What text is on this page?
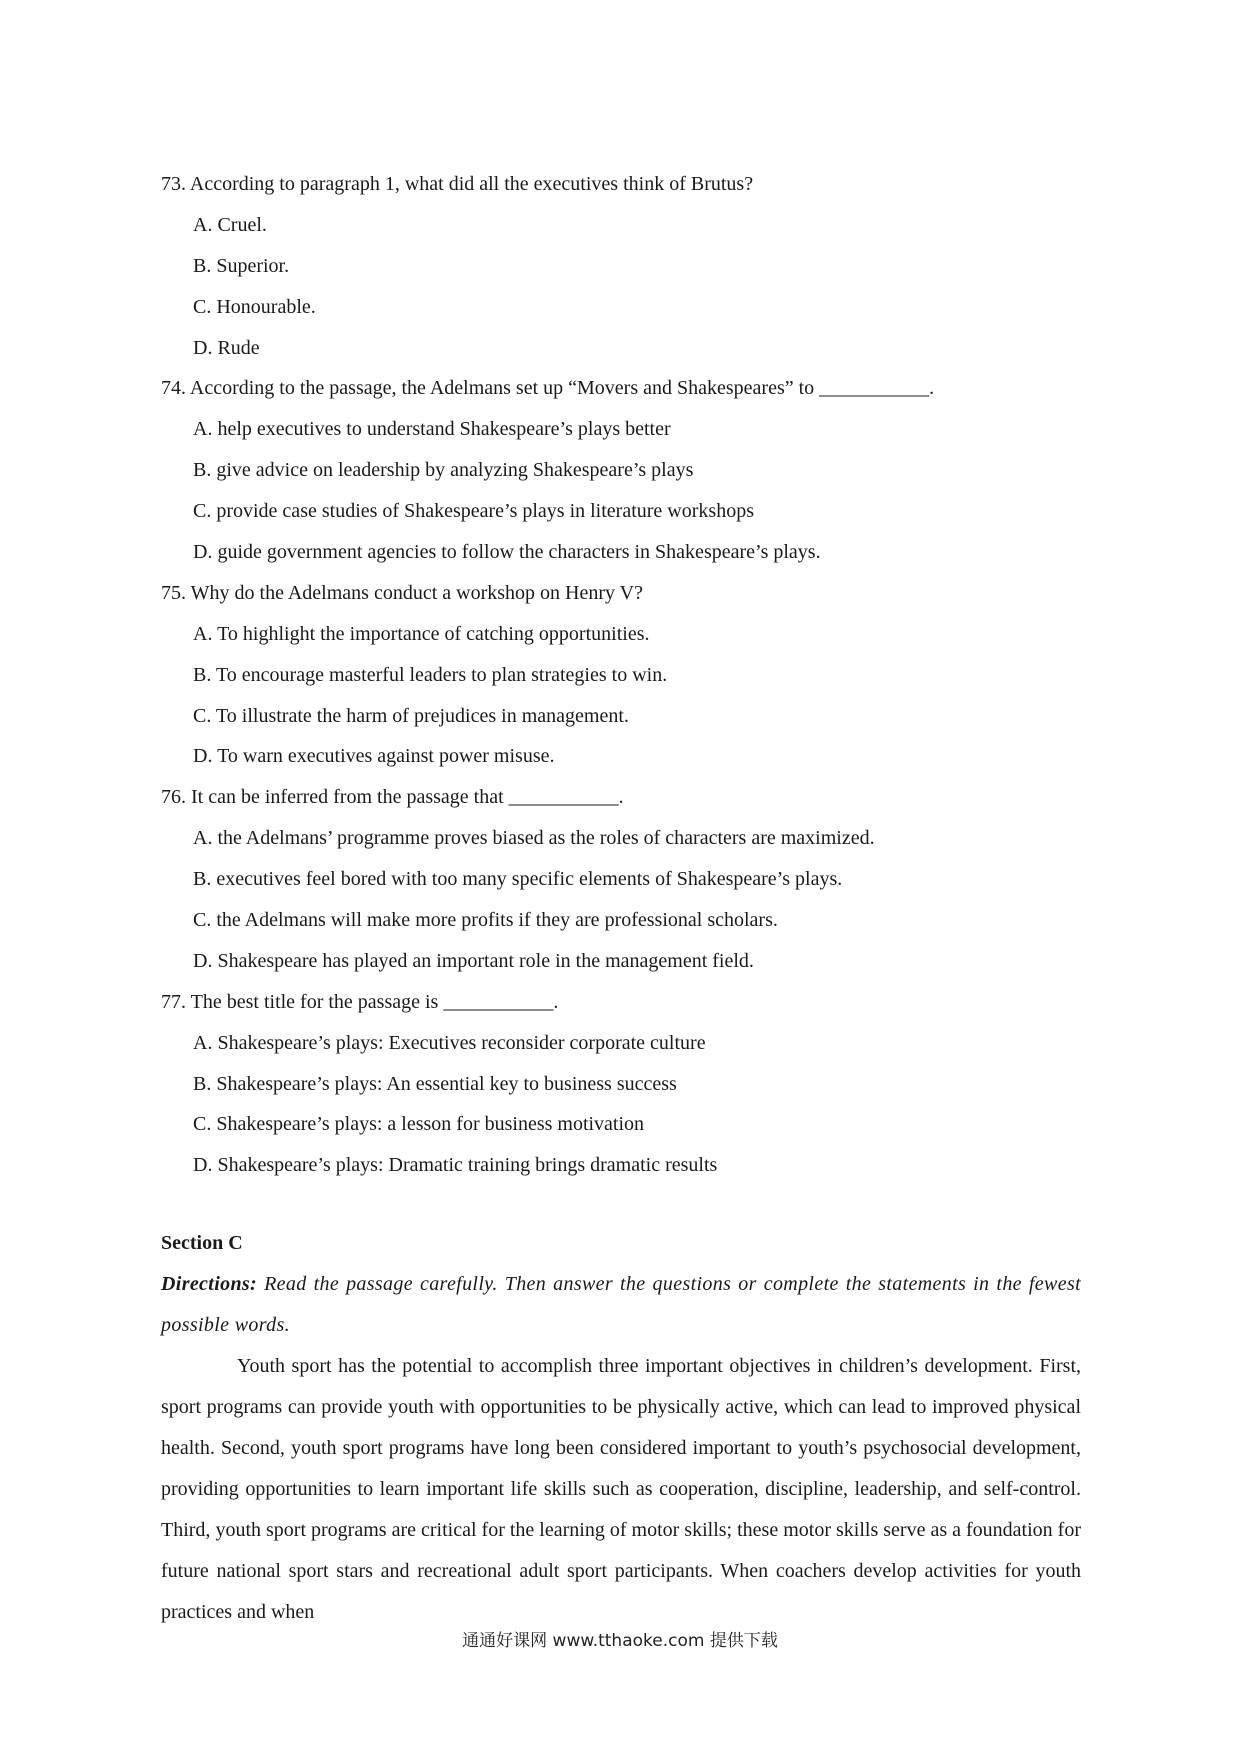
73. According to paragraph 1, what did all the executives think of Brutus?
A. Cruel.
B. Superior.
C. Honourable.
D. Rude
74. According to the passage, the Adelmans set up “Movers and Shakespeares” to ___________.
A. help executives to understand Shakespeare’s plays better
B. give advice on leadership by analyzing Shakespeare’s plays
C. provide case studies of Shakespeare’s plays in literature workshops
D. guide government agencies to follow the characters in Shakespeare’s plays.
75. Why do the Adelmans conduct a workshop on Henry V?
A. To highlight the importance of catching opportunities.
B. To encourage masterful leaders to plan strategies to win.
C. To illustrate the harm of prejudices in management.
D. To warn executives against power misuse.
76. It can be inferred from the passage that ___________.
A. the Adelmans’ programme proves biased as the roles of characters are maximized.
B. executives feel bored with too many specific elements of Shakespeare’s plays.
C. the Adelmans will make more profits if they are professional scholars.
D. Shakespeare has played an important role in the management field.
77. The best title for the passage is ___________.
A. Shakespeare’s plays: Executives reconsider corporate culture
B. Shakespeare’s plays: An essential key to business success
C. Shakespeare’s plays: a lesson for business motivation
D. Shakespeare’s plays: Dramatic training brings dramatic results
Section C
Directions: Read the passage carefully. Then answer the questions or complete the statements in the fewest possible words.

Youth sport has the potential to accomplish three important objectives in children’s development. First, sport programs can provide youth with opportunities to be physically active, which can lead to improved physical health. Second, youth sport programs have long been considered important to youth’s psychosocial development, providing opportunities to learn important life skills such as cooperation, discipline, leadership, and self-control. Third, youth sport programs are critical for the learning of motor skills; these motor skills serve as a foundation for future national sport stars and recreational adult sport participants. When coachers develop activities for youth practices and when

通通好课网 www.tthaoke.com 提供下载
